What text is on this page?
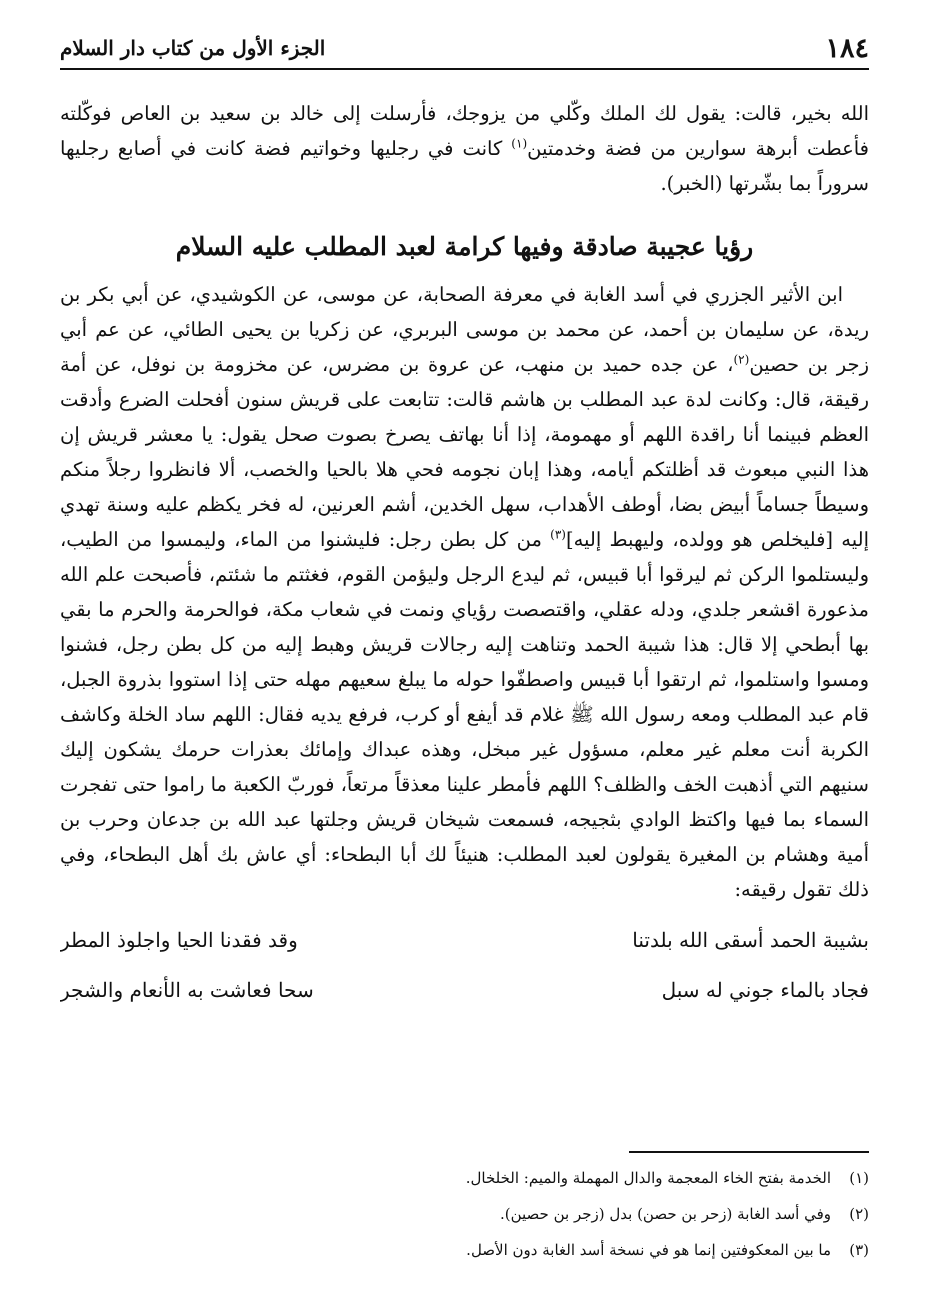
١٨٤
الجزء الأول من كتاب دار السلام

الله بخير، قالت: يقول لك الملك وكّلي من يزوجك، فأرسلت إلى خالد بن سعيد بن العاص فوكّلته فأعطت أبرهة سوارين من فضة وخدمتين$^{(١)}$ كانت في رجليها وخواتيم فضة كانت في أصابع رجليها سروراً بما بشّرتها (الخبر).

رؤيا عجيبة صادقة وفيها كرامة لعبد المطلب عليه السلام

ابن الأثير الجزري في أسد الغابة في معرفة الصحابة، عن موسى، عن الكوشيدي، عن أبي بكر بن ريدة، عن سليمان بن أحمد، عن محمد بن موسى البربري، عن زكريا بن يحيى الطائي، عن عم أبي زجر بن حصين$^{(٢)}$، عن جده حميد بن منهب، عن عروة بن مضرس، عن مخزومة بن نوفل، عن أمة رقيقة، قال: وكانت لدة عبد المطلب بن هاشم قالت: تتابعت على قريش سنون أفحلت الضرع وأدقت العظم فبينما أنا راقدة اللهم أو مهمومة، إذا أنا بهاتف يصرخ بصوت صحل يقول: يا معشر قريش إن هذا النبي مبعوث قد أظلتكم أيامه، وهذا إبان نجومه فحي هلا بالحيا والخصب، ألا فانظروا رجلاً منكم وسيطاً جساماً أبيض بضا، أوطف الأهداب، سهل الخدين، أشم العرنين، له فخر يكظم عليه وسنة تهدي إليه [فليخلص هو وولده، وليهبط إليه]$^{(٣)}$ من كل بطن رجل: فليشنوا من الماء، وليمسوا من الطيب، وليستلموا الركن ثم ليرقوا أبا قبيس، ثم ليدع الرجل وليؤمن القوم، فغثتم ما شئتم، فأصبحت علم الله مذعورة اقشعر جلدي، ودله عقلي، واقتصصت رؤياي ونمت في شعاب مكة، فوالحرمة والحرم ما بقي بها أبطحي إلا قال: هذا شيبة الحمد وتناهت إليه رجالات قريش وهبط إليه من كل بطن رجل، فشنوا ومسوا واستلموا، ثم ارتقوا أبا قبيس واصطفّوا حوله ما يبلغ سعيهم مهله حتى إذا استووا بذروة الجبل، قام عبد المطلب ومعه رسول الله ﷺ غلام قد أيفع أو كرب، فرفع يديه فقال: اللهم ساد الخلة وكاشف الكربة أنت معلم غير معلم، مسؤول غير مبخل، وهذه عبداك وإمائك بعذرات حرمك يشكون إليك سنيهم التي أذهبت الخف والظلف؟ اللهم فأمطر علينا معذقاً مرتعاً، فوربّ الكعبة ما راموا حتى تفجرت السماء بما فيها واكتظ الوادي بثجيجه، فسمعت شيخان قريش وجلتها عبد الله بن جدعان وحرب بن أمية وهشام بن المغيرة يقولون لعبد المطلب: هنيئاً لك أبا البطحاء: أي عاش بك أهل البطحاء، وفي ذلك تقول رقيقه:

بشيبة الحمد أسقى الله بلدتنا
وقد فقدنا الحيا واجلوذ المطر
فجاد بالماء جوني له سبل
سحا فعاشت به الأنعام والشجر
(١)
الخدمة بفتح الخاء المعجمة والدال المهملة والميم: الخلخال.
(٢)
وفي أسد الغابة (زحر بن حصن) بدل (زجر بن حصين).
(٣)
ما بين المعكوفتين إنما هو في نسخة أسد الغابة دون الأصل.
